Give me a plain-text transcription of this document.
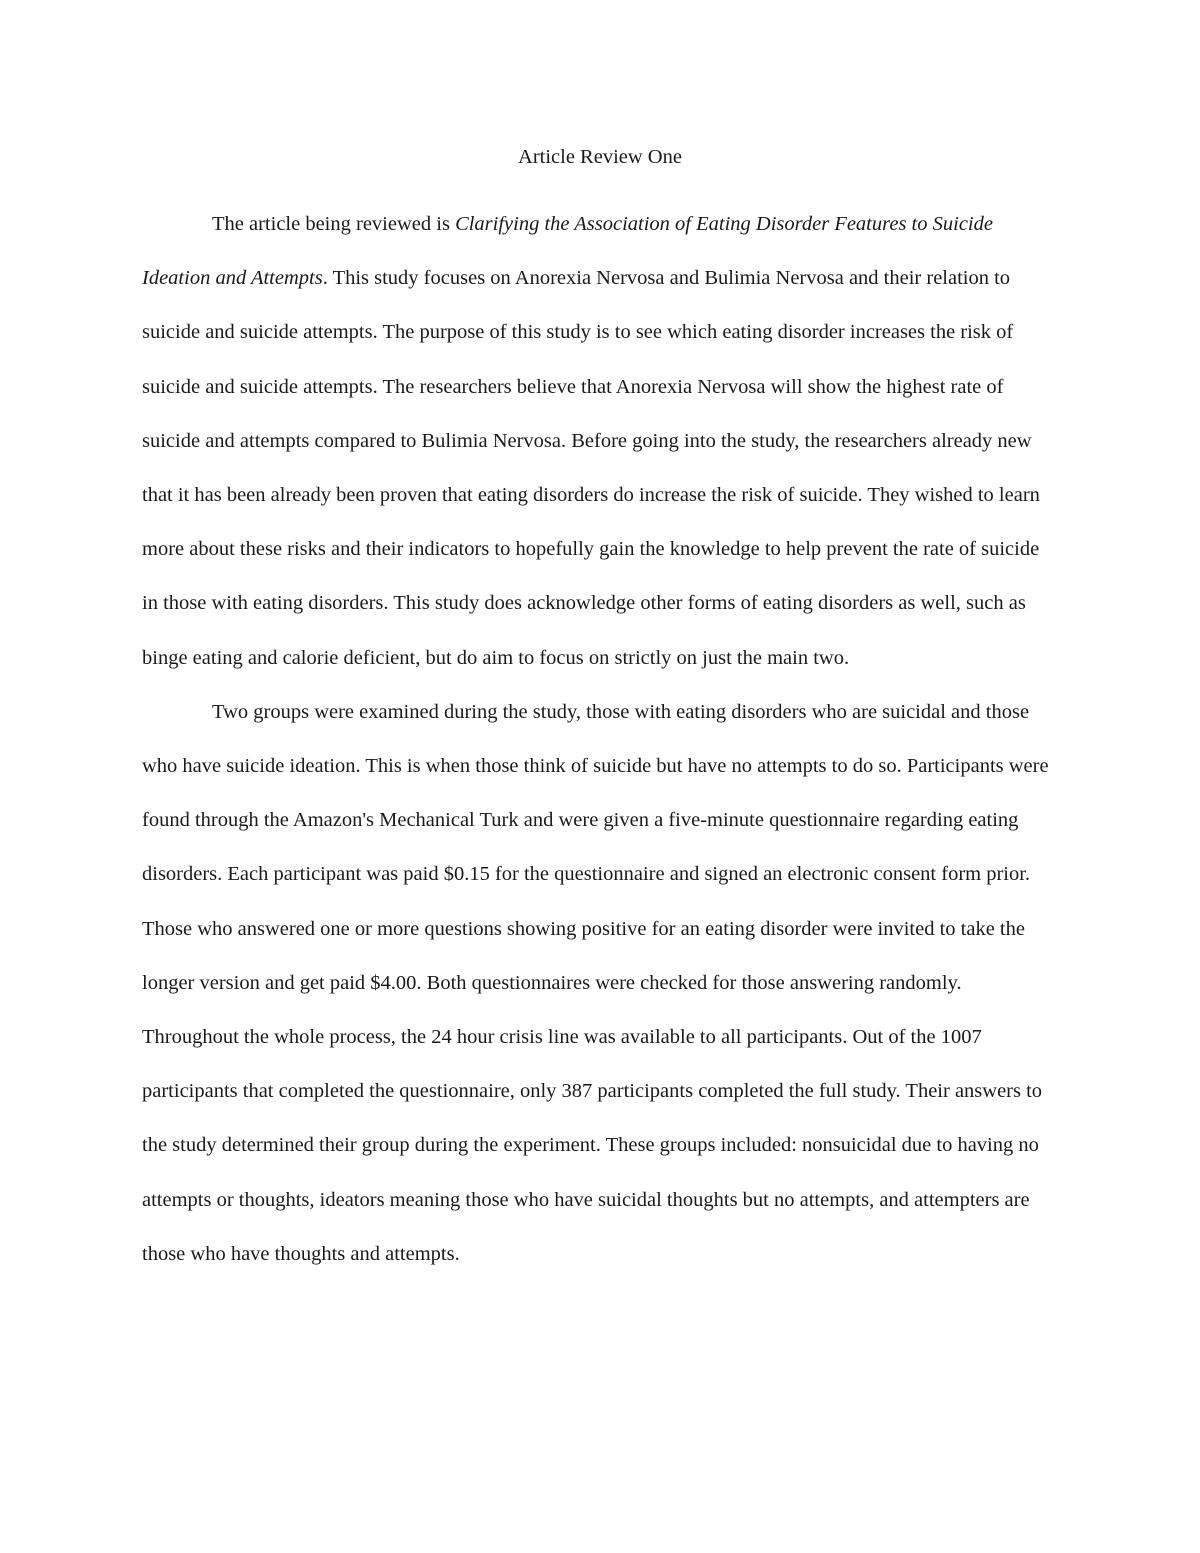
Article Review One

The article being reviewed is Clarifying the Association of Eating Disorder Features to Suicide Ideation and Attempts. This study focuses on Anorexia Nervosa and Bulimia Nervosa and their relation to suicide and suicide attempts. The purpose of this study is to see which eating disorder increases the risk of suicide and suicide attempts. The researchers believe that Anorexia Nervosa will show the highest rate of suicide and attempts compared to Bulimia Nervosa. Before going into the study, the researchers already new that it has been already been proven that eating disorders do increase the risk of suicide. They wished to learn more about these risks and their indicators to hopefully gain the knowledge to help prevent the rate of suicide in those with eating disorders. This study does acknowledge other forms of eating disorders as well, such as binge eating and calorie deficient, but do aim to focus on strictly on just the main two.

Two groups were examined during the study, those with eating disorders who are suicidal and those who have suicide ideation. This is when those think of suicide but have no attempts to do so. Participants were found through the Amazon's Mechanical Turk and were given a five-minute questionnaire regarding eating disorders. Each participant was paid $0.15 for the questionnaire and signed an electronic consent form prior. Those who answered one or more questions showing positive for an eating disorder were invited to take the longer version and get paid $4.00. Both questionnaires were checked for those answering randomly. Throughout the whole process, the 24 hour crisis line was available to all participants. Out of the 1007 participants that completed the questionnaire, only 387 participants completed the full study. Their answers to the study determined their group during the experiment. These groups included: nonsuicidal due to having no attempts or thoughts, ideators meaning those who have suicidal thoughts but no attempts, and attempters are those who have thoughts and attempts.
